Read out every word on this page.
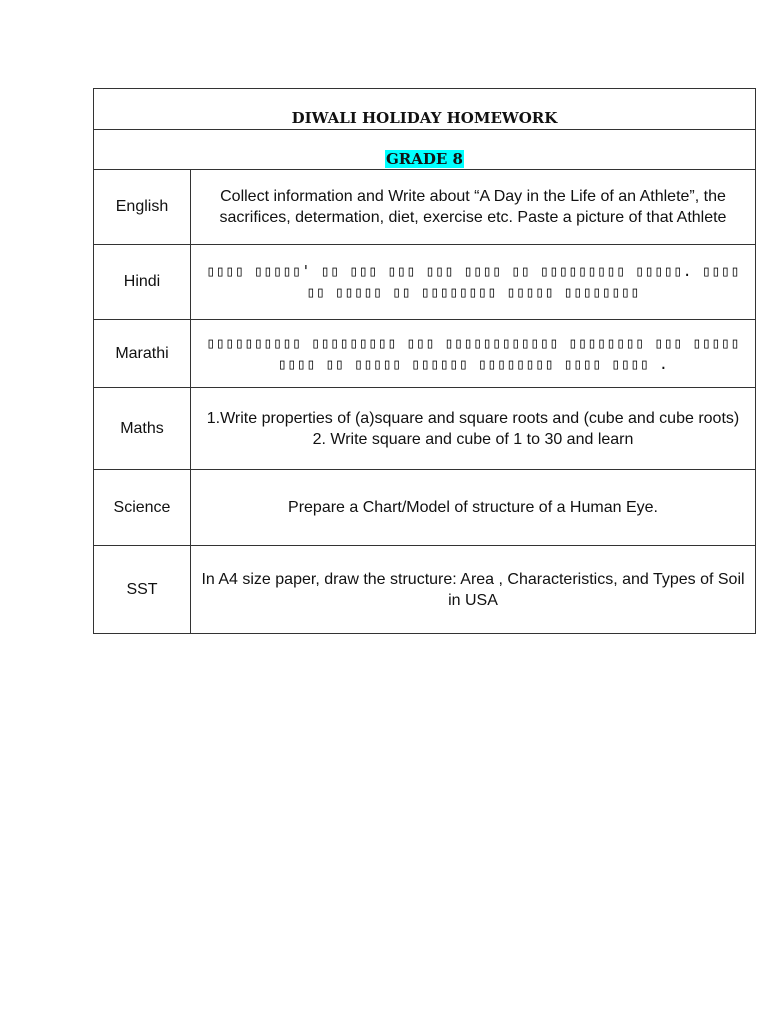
DIWALI HOLIDAY HOMEWORK	
GRADE 8	
English	Collect information and Write about “A Day in the Life of an Athlete”, the sacrifices, determation, diet, exercise etc. Paste a picture of that Athlete
Hindi	▯▯▯▯ ▯▯▯▯▯' ▯▯ ▯▯▯ ▯▯▯ ▯▯▯ ▯▯▯▯ ▯▯ ▯▯▯▯▯▯▯▯▯ ▯▯▯▯▯. ▯▯▯▯ ▯▯ ▯▯▯▯▯ ▯▯ ▯▯▯▯▯▯▯▯ ▯▯▯▯▯ ▯▯▯▯▯▯▯▯
Marathi	▯▯▯▯▯▯▯▯▯▯ ▯▯▯▯▯▯▯▯▯ ▯▯▯ ▯▯▯▯▯▯▯▯▯▯▯▯ ▯▯▯▯▯▯▯▯ ▯▯▯ ▯▯▯▯▯ ▯▯▯▯ ▯▯ ▯▯▯▯▯ ▯▯▯▯▯▯ ▯▯▯▯▯▯▯▯ ▯▯▯▯ ▯▯▯▯ .
Maths	1.Write properties of (a)square and square roots and (cube and cube roots) 2. Write square and cube of 1 to 30 and learn
Science	Prepare a Chart/Model of structure of a Human Eye.
SST	In A4 size paper, draw the structure: Area , Characteristics, and Types of Soil in USA
